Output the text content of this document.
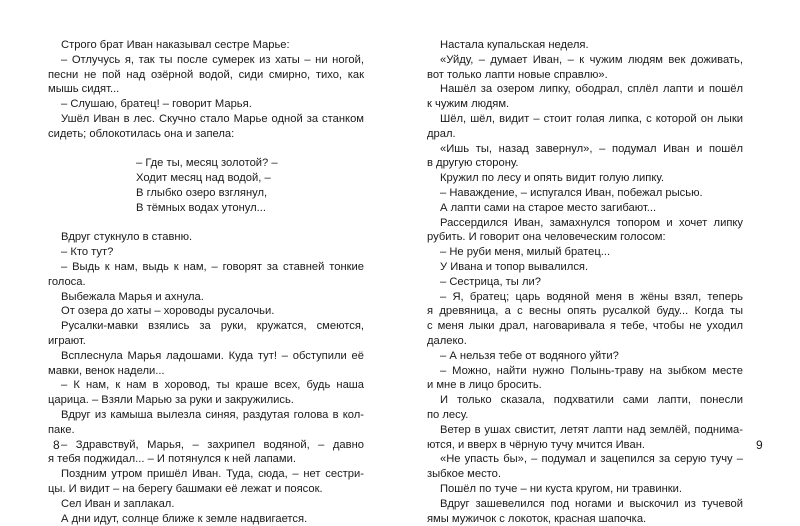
Строго брат Иван наказывал сестре Марье:
– Отлучусь я, так ты после сумерек из хаты – ни ногой,
песни не пой над озёрной водой, сиди смирно, тихо, как
мышь сидят...
– Слушаю, братец! – говорит Марья.
Ушёл Иван в лес. Скучно стало Марье одной за станком
сидеть; облокотилась она и запела:
– Где ты, месяц золотой? –
Ходит месяц над водой, –
В глыбко озеро взглянул,
В тёмных водах утонул...
Вдруг стукнуло в ставню.
– Кто тут?
– Выдь к нам, выдь к нам, – говорят за ставней тонкие
голоса.
Выбежала Марья и ахнула.
От озера до хаты – хороводы русалочьи.
Русалки-мавки взялись за руки, кружатся, смеются,
играют.
Всплеснула Марья ладошами. Куда тут! – обступили её
мавки, венок надели...
– К нам, к нам в хоровод, ты краше всех, будь наша
царица. – Взяли Марью за руки и закружились.
Вдруг из камыша вылезла синяя, раздутая голова в кол-
паке.
– Здравствуй, Марья, – захрипел водяной, – давно
я тебя поджидал... – И потянулся к ней лапами.
Поздним утром пришёл Иван. Туда, сюда, – нет сестри-
цы. И видит – на берегу башмаки её лежат и поясок.
Сел Иван и заплакал.
А дни идут, солнце ближе к земле надвигается.
Настала купальская неделя.
«Уйду, – думает Иван, – к чужим людям век доживать,
вот только лапти новые справлю».
Нашёл за озером липку, ободрал, сплёл лапти и пошёл
к чужим людям.
Шёл, шёл, видит – стоит голая липка, с которой он лыки
драл.
«Ишь ты, назад завернул», – подумал Иван и пошёл
в другую сторону.
Кружил по лесу и опять видит голую липку.
– Наваждение, – испугался Иван, побежал рысью.
А лапти сами на старое место загибают...
Рассердился Иван, замахнулся топором и хочет липку
рубить. И говорит она человеческим голосом:
– Не руби меня, милый братец...
У Ивана и топор вывалился.
– Сестрица, ты ли?
– Я, братец; царь водяной меня в жёны взял, теперь
я древяница, а с весны опять русалкой буду... Когда ты
с меня лыки драл, наговаривала я тебе, чтобы не уходил
далеко.
– А нельзя тебе от водяного уйти?
– Можно, найти нужно Полынь-траву на зыбком месте
и мне в лицо бросить.
И только сказала, подхватили сами лапти, понесли
по лесу.
Ветер в ушах свистит, летят лапти над землёй, поднима-
ются, и вверх в чёрную тучу мчится Иван.
«Не упасть бы», – подумал и зацепился за серую тучу –
зыбкое место.
Пошёл по туче – ни куста кругом, ни травинки.
Вдруг зашевелился под ногами и выскочил из тучевой
ямы мужичок с локоток, красная шапочка.
8	9
